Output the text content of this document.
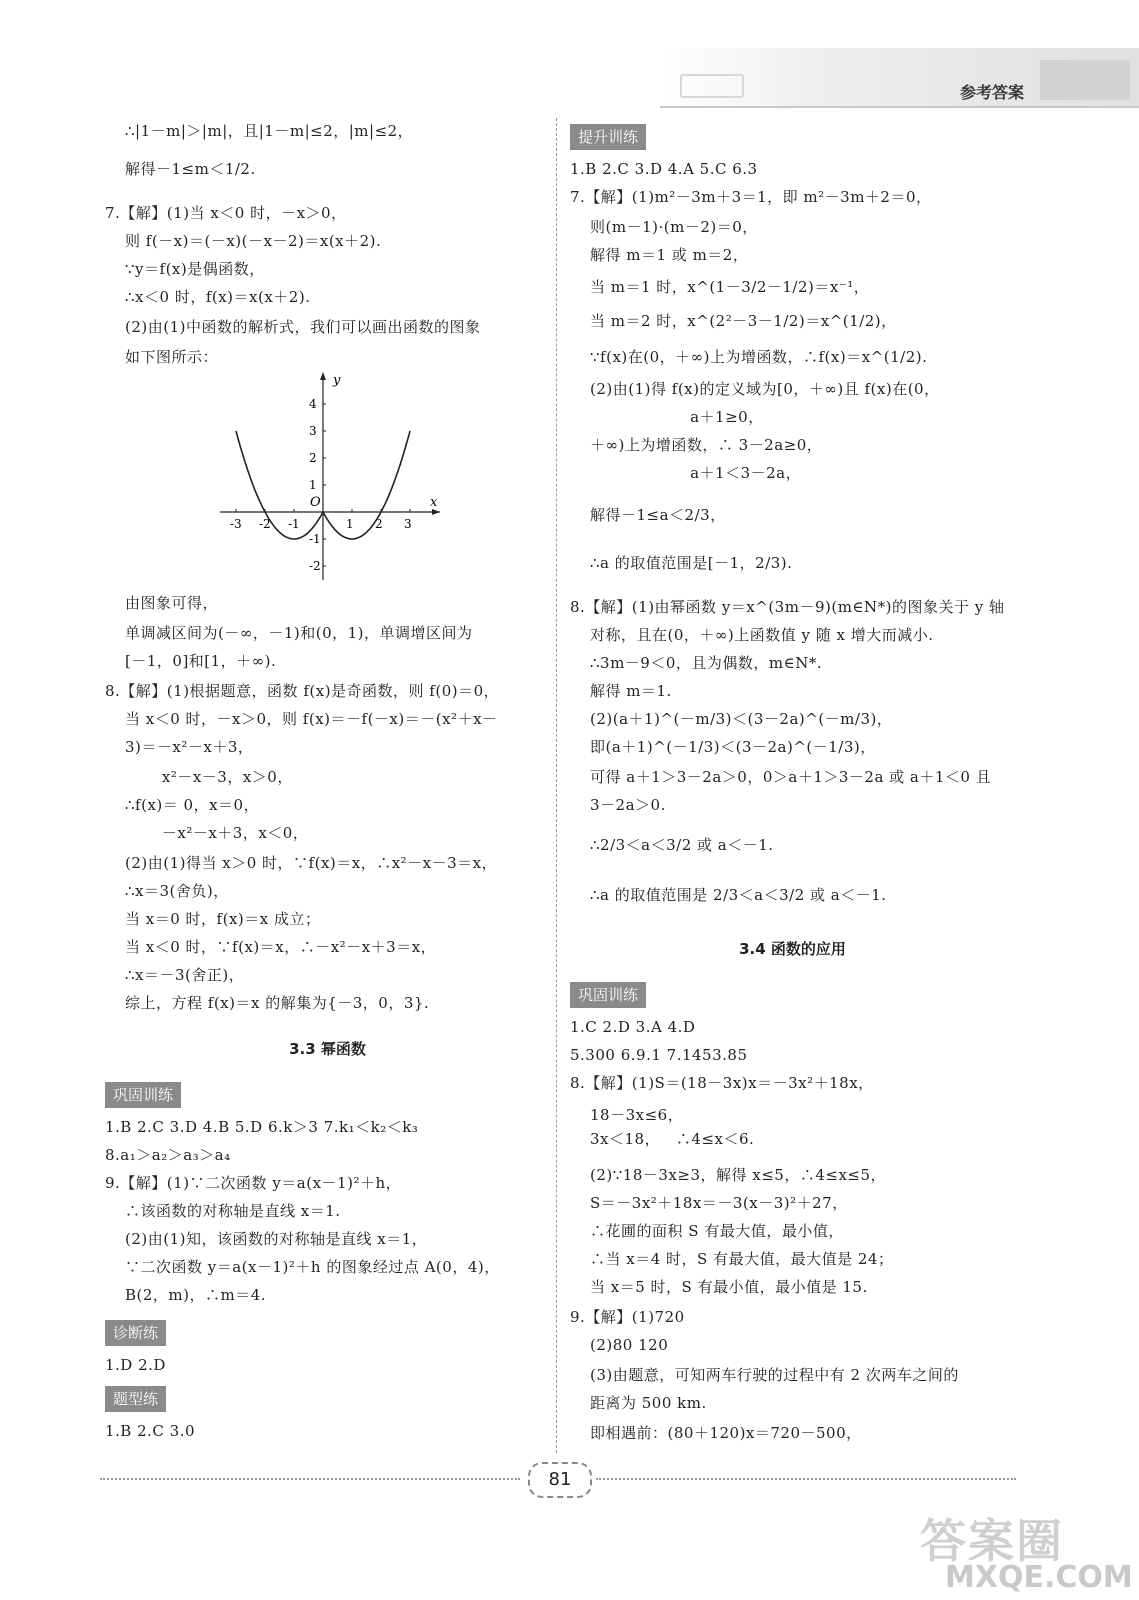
参考答案
∴|1－m|＞|m|，且|1－m|≤2，|m|≤2，
解得－1≤m＜1/2.
7.【解】(1)当 x＜0 时，－x＞0，
则 f(－x)＝(－x)(－x－2)＝x(x＋2).
∵y＝f(x)是偶函数，
∴x＜0 时，f(x)＝x(x＋2).
(2)由(1)中函数的解析式，我们可以画出函数的图象
如下图所示：
y
x
O
-3 -2 -1	1 2 3
4
3
2
1
-1
-2
由图象可得，
单调减区间为(－∞，－1)和(0，1)，单调增区间为
[－1，0]和[1，＋∞).
8.【解】(1)根据题意，函数 f(x)是奇函数，则 f(0)＝0，
当 x＜0 时，－x＞0，则 f(x)＝－f(－x)＝－(x²＋x－
3)＝－x²－x＋3，
x²－x－3，x＞0，
∴f(x)＝ 0，x＝0，
－x²－x＋3，x＜0，
(2)由(1)得当 x＞0 时，∵f(x)＝x，∴x²－x－3＝x，
∴x＝3(舍负)，
当 x＝0 时，f(x)＝x 成立；
当 x＜0 时，∵f(x)＝x，∴－x²－x＋3＝x，
∴x＝－3(舍正)，
综上，方程 f(x)＝x 的解集为{－3，0，3}.
3.3 幂函数
巩固训练
1.B 2.C 3.D 4.B 5.D 6.k＞3 7.k₁＜k₂＜k₃
8.a₁＞a₂＞a₃＞a₄
9.【解】(1)∵二次函数 y＝a(x－1)²＋h，
∴该函数的对称轴是直线 x＝1.
(2)由(1)知，该函数的对称轴是直线 x＝1，
∵二次函数 y＝a(x－1)²＋h 的图象经过点 A(0，4)，
B(2，m)，∴m＝4.
诊断练
1.D 2.D
题型练
1.B 2.C 3.0
提升训练
1.B 2.C 3.D 4.A 5.C 6.3
7.【解】(1)m²－3m＋3＝1，即 m²－3m＋2＝0，
则(m－1)·(m－2)＝0，
解得 m＝1 或 m＝2，
当 m＝1 时，x^(1－3/2－1/2)＝x⁻¹，
当 m＝2 时，x^(2²－3－1/2)＝x^(1/2)，
∵f(x)在(0，＋∞)上为增函数，∴f(x)＝x^(1/2).
(2)由(1)得 f(x)的定义域为[0，＋∞)且 f(x)在(0，
a＋1≥0，
＋∞)上为增函数，∴ 3－2a≥0，
a＋1＜3－2a，
解得－1≤a＜2/3，
∴a 的取值范围是[－1，2/3).
8.【解】(1)由幂函数 y＝x^(3m－9)(m∈N*)的图象关于 y 轴
对称，且在(0，＋∞)上函数值 y 随 x 增大而减小.
∴3m－9＜0，且为偶数，m∈N*.
解得 m＝1.
(2)(a＋1)^(－m/3)＜(3－2a)^(－m/3)，
即(a＋1)^(－1/3)＜(3－2a)^(－1/3)，
可得 a＋1＞3－2a＞0，0＞a＋1＞3－2a 或 a＋1＜0 且
3－2a＞0.
∴2/3＜a＜3/2 或 a＜－1.
∴a 的取值范围是 2/3＜a＜3/2 或 a＜－1.
3.4 函数的应用
巩固训练
1.C 2.D 3.A 4.D
5.300 6.9.1 7.1453.85
8.【解】(1)S＝(18－3x)x＝－3x²＋18x，
18－3x≤6，
3x＜18，   ∴4≤x＜6.
(2)∵18－3x≥3，解得 x≤5，∴4≤x≤5，
S＝－3x²＋18x＝－3(x－3)²＋27，
∴花圃的面积 S 有最大值，最小值，
∴当 x＝4 时，S 有最大值，最大值是 24；
当 x＝5 时，S 有最小值，最小值是 15.
9.【解】(1)720
(2)80 120
(3)由题意，可知两车行驶的过程中有 2 次两车之间的
距离为 500 km.
即相遇前：(80＋120)x＝720－500，
81
答案圈
MXQE.COM
